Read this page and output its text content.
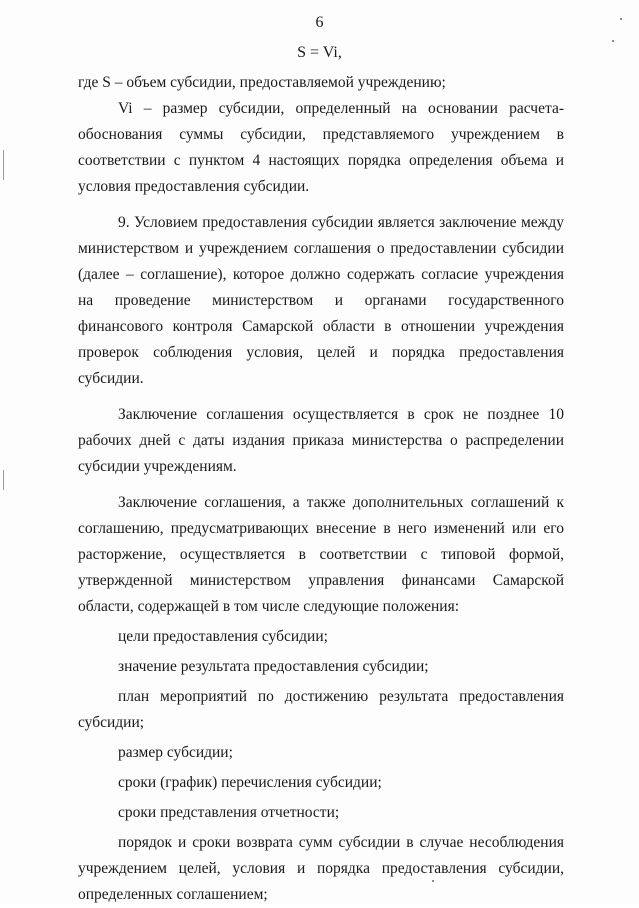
6
S = Vi,

где S – объем субсидии, предоставляемой учреждению;

Vi – размер субсидии, определенный на основании расчета-обоснования суммы субсидии, представляемого учреждением в соответствии с пунктом 4 настоящих порядка определения объема и условия предоставления субсидии.

9. Условием предоставления субсидии является заключение между министерством и учреждением соглашения о предоставлении субсидии (далее – соглашение), которое должно содержать согласие учреждения на проведение министерством и органами государственного финансового контроля Самарской области в отношении учреждения проверок соблюдения условия, целей и порядка предоставления субсидии.

Заключение соглашения осуществляется в срок не позднее 10 рабочих дней с даты издания приказа министерства о распределении субсидии учреждениям.

Заключение соглашения, а также дополнительных соглашений к соглашению, предусматривающих внесение в него изменений или его расторжение, осуществляется в соответствии с типовой формой, утвержденной министерством управления финансами Самарской области, содержащей в том числе следующие положения:

цели предоставления субсидии;

значение результата предоставления субсидии;

план мероприятий по достижению результата предоставления субсидии;

размер субсидии;

сроки (график) перечисления субсидии;

сроки представления отчетности;

порядок и сроки возврата сумм субсидии в случае несоблюдения учреждением целей, условия и порядка предоставления субсидии, определенных соглашением;
